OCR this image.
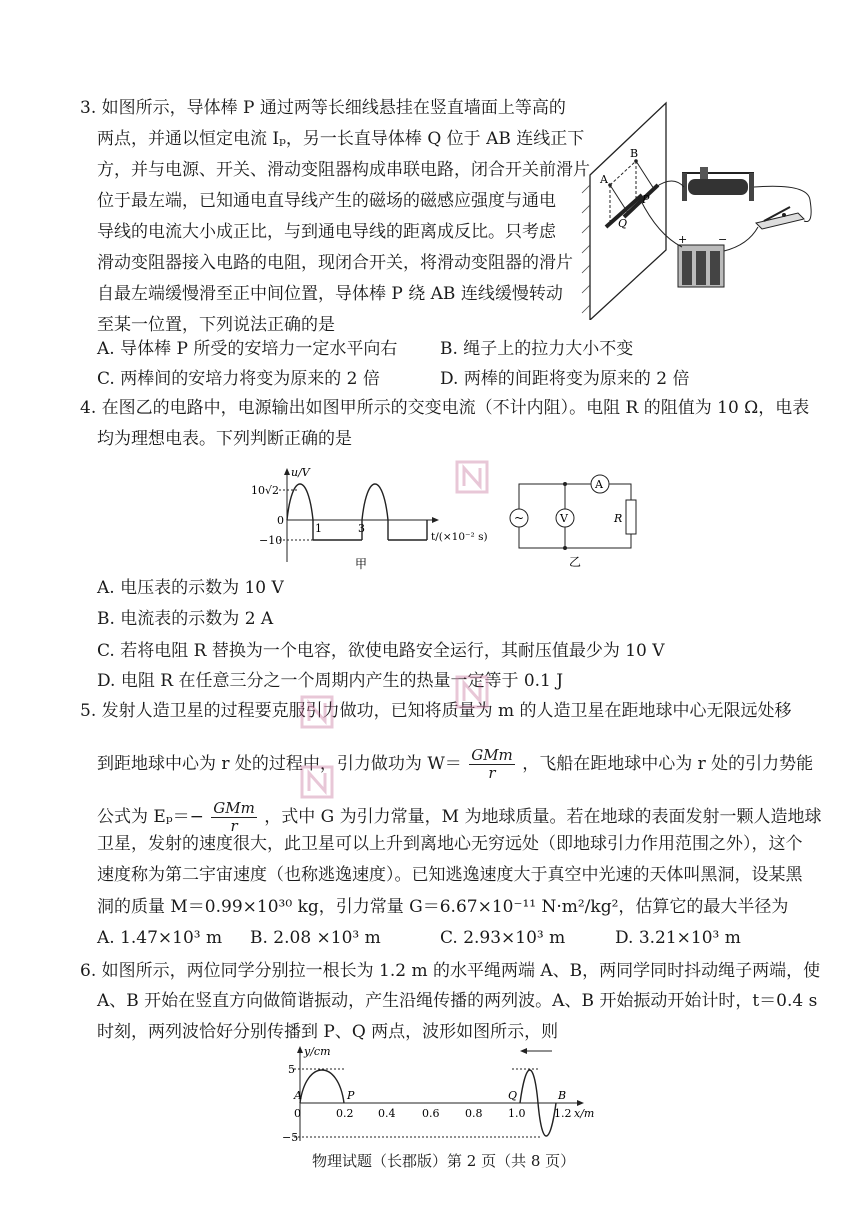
3. 如图所示，导体棒 P 通过两等长细线悬挂在竖直墙面上等高的
两点，并通以恒定电流 Iₚ，另一长直导体棒 Q 位于 AB 连线正下
方，并与电源、开关、滑动变阻器构成串联电路，闭合开关前滑片
位于最左端，已知通电直导线产生的磁场的磁感应强度与通电
导线的电流大小成正比，与到通电导线的距离成反比。只考虑
滑动变阻器接入电路的电阻，现闭合开关，将滑动变阻器的滑片
自最左端缓慢滑至正中间位置，导体棒 P 绕 AB 连线缓慢转动
至某一位置，下列说法正确的是
A. 导体棒 P 所受的安培力一定水平向右	B. 绳子上的拉力大小不变
C. 两棒间的安培力将变为原来的 2 倍	D. 两棒的间距将变为原来的 2 倍
A
B
P
Q
+	−
4. 在图乙的电路中，电源输出如图甲所示的交变电流（不计内阻）。电阻 R 的阻值为 10 Ω，电表
均为理想电表。下列判断正确的是
u/V
10√2
−10
0
1	3
t/(×10⁻² s)
甲
~	V
A
R
乙
A. 电压表的示数为 10 V
B. 电流表的示数为 2 A
C. 若将电阻 R 替换为一个电容，欲使电路安全运行，其耐压值最少为 10 V
D. 电阻 R 在任意三分之一个周期内产生的热量一定等于 0.1 J
5. 发射人造卫星的过程要克服引力做功，已知将质量为 m 的人造卫星在距地球中心无限远处移
到距地球中心为 r 处的过程中，引力做功为 W＝ GMm
r	，飞船在距地球中心为 r 处的引力势能
公式为 Eₚ＝− GMm
r	，式中 G 为引力常量，M 为地球质量。若在地球的表面发射一颗人造地球
卫星，发射的速度很大，此卫星可以上升到离地心无穷远处（即地球引力作用范围之外），这个
速度称为第二宇宙速度（也称逃逸速度）。已知逃逸速度大于真空中光速的天体叫黑洞，设某黑
洞的质量 M＝0.99×10³⁰ kg，引力常量 G＝6.67×10⁻¹¹ N·m²/kg²，估算它的最大半径为
A. 1.47×10³ m B. 2.08 ×10³ m	C. 2.93×10³ m	D. 3.21×10³ m
6. 如图所示，两位同学分别拉一根长为 1.2 m 的水平绳两端 A、B，两同学同时抖动绳子两端，使
A、B 开始在竖直方向做简谐振动，产生沿绳传播的两列波。A、B 开始振动开始计时，t＝0.4 s
时刻，两列波恰好分别传播到 P、Q 两点，波形如图所示，则
y/cm
5
−5
A
0
P	Q	B
0.2 0.4 0.6 0.8 1.0	1.2 x/m
物理试题（长郡版）第 2 页（共 8 页）
